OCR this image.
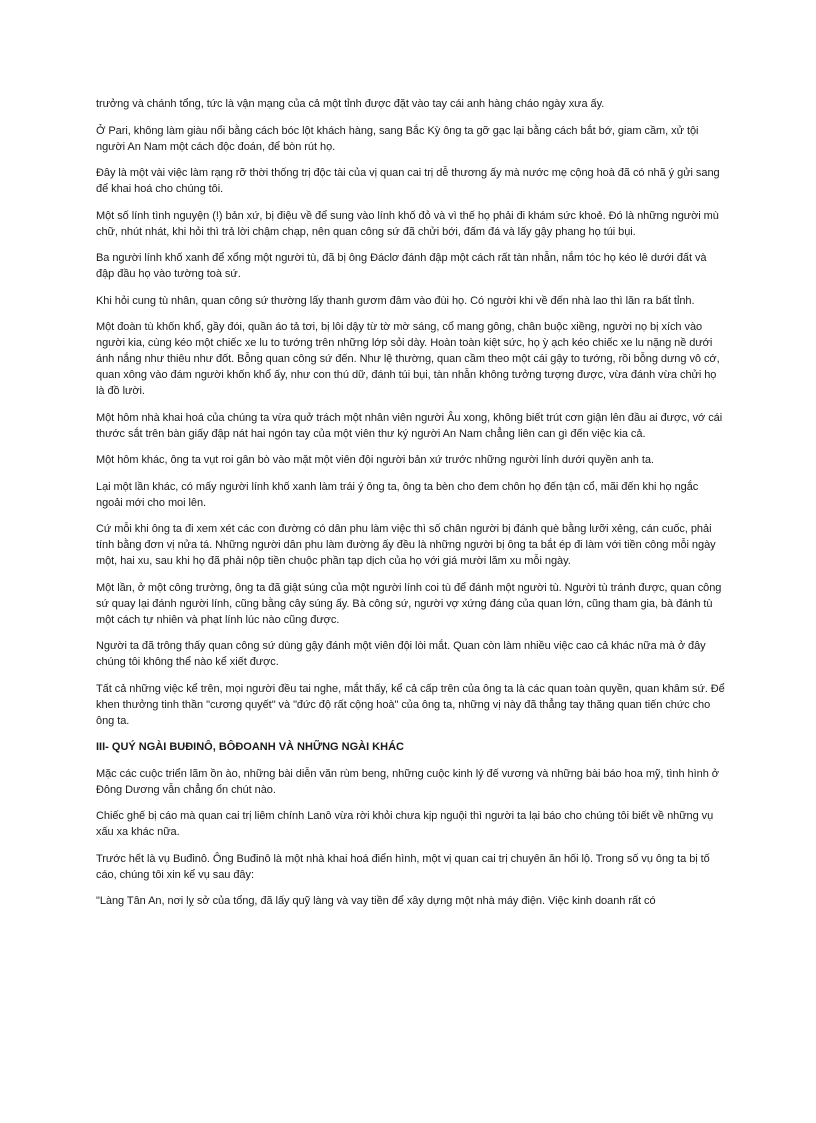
trưởng và chánh tổng, tức là vận mạng của cả một tỉnh được đặt vào tay cái anh hàng cháo ngày xưa ấy.

Ở Pari, không làm giàu nổi bằng cách bóc lột khách hàng, sang Bắc Kỳ ông ta gỡ gạc lại bằng cách bắt bớ, giam cầm, xử tội người An Nam một cách độc đoán, để bòn rút họ.

Đây là một vài việc làm rạng rỡ thời thống trị độc tài của vị quan cai trị dễ thương ấy mà nước mẹ cộng hoà đã có nhã ý gửi sang để khai hoá cho chúng tôi.

Một số lính tình nguyện (!) bản xứ, bị điệu về để sung vào lính khố đỏ và vì thế họ phải đi khám sức khoẻ. Đó là những người mù chữ, nhút nhát, khi hỏi thì trả lời chậm chạp, nên quan công sứ đã chửi bới, đấm đá và lấy gậy phang họ túi bụi.

Ba người lính khố xanh để xổng một người tù, đã bị ông Đáclơ đánh đập một cách rất tàn nhẫn, nắm tóc họ kéo lê dưới đất và đập đầu họ vào tường toà sứ.

Khi hỏi cung tù nhân, quan công sứ thường lấy thanh gươm đâm vào đùi họ. Có người khi về đến nhà lao thì lăn ra bất tỉnh.

Một đoàn tù khốn khổ, gầy đói, quần áo tả tơi, bị lôi dậy từ tờ mờ sáng, cổ mang gông, chân buộc xiềng, người nọ bị xích vào người kia, cùng kéo một chiếc xe lu to tướng trên những lớp sỏi dày. Hoàn toàn kiệt sức, họ ỳ ạch kéo chiếc xe lu nặng nề dưới ánh nắng như thiêu như đốt. Bỗng quan công sứ đến. Như lệ thường, quan cầm theo một cái gậy to tướng, rồi bỗng dưng vô cớ, quan xông vào đám người khốn khổ ấy, như con thú dữ, đánh túi bụi, tàn nhẫn không tưởng tượng được, vừa đánh vừa chửi họ là đồ lười.

Một hôm nhà khai hoá của chúng ta vừa quở trách một nhân viên người Âu xong, không biết trút cơn giận lên đầu ai được, vớ cái thước sắt trên bàn giấy đập nát hai ngón tay của một viên thư ký người An Nam chẳng liên can gì đến việc kia cả.

Một hôm khác, ông ta vụt roi gân bò vào mặt một viên đội người bản xứ trước những người lính dưới quyền anh ta.

Lại một lần khác, có mấy người lính khố xanh làm trái ý ông ta, ông ta bèn cho đem chôn họ đến tận cổ, mãi đến khi họ ngắc ngoải mới cho moi lên.

Cứ mỗi khi ông ta đi xem xét các con đường có dân phu làm việc thì số chân người bị đánh què bằng lưỡi xẻng, cán cuốc, phải tính bằng đơn vị nửa tá. Những người dân phu làm đường ấy đều là những người bị ông ta bắt ép đi làm với tiền công mỗi ngày một, hai xu, sau khi họ đã phải nộp tiền chuộc phần tạp dịch của họ với giá mười lăm xu mỗi ngày.

Một lần, ở một công trường, ông ta đã giật súng của một người lính coi tù để đánh một người tù. Người tù tránh được, quan công sứ quay lại đánh người lính, cũng bằng cây súng ấy. Bà công sứ, người vợ xứng đáng của quan lớn, cũng tham gia, bà đánh tù một cách tự nhiên và phạt lính lúc nào cũng được.

Người ta đã trông thấy quan công sứ dùng gậy đánh một viên đội lòi mắt. Quan còn làm nhiều việc cao cả khác nữa mà ở đây chúng tôi không thể nào kể xiết được.

Tất cả những việc kể trên, mọi người đều tai nghe, mắt thấy, kể cả cấp trên của ông ta là các quan toàn quyền, quan khâm sứ. Để khen thưởng tinh thần "cương quyết" và "đức độ rất cộng hoà" của ông ta, những vị này đã thẳng tay thăng quan tiến chức cho ông ta.

III- QUÝ NGÀI BUĐINÔ, BÔĐOANH VÀ NHỮNG NGÀI KHÁC

Mặc các cuộc triển lãm ồn ào, những bài diễn văn rùm beng, những cuộc kinh lý đế vương và những bài báo hoa mỹ, tình hình ở Đông Dương vẫn chẳng ổn chút nào.

Chiếc ghế bị cáo mà quan cai trị liêm chính Lanô vừa rời khỏi chưa kịp nguội thì người ta lại báo cho chúng tôi biết về những vụ xấu xa khác nữa.

Trước hết là vụ Buđinô. Ông Buđinô là một nhà khai hoá điển hình, một vị quan cai trị chuyên ăn hối lộ. Trong số vụ ông ta bị tố cáo, chúng tôi xin kể vụ sau đây:

"Làng Tân An, nơi lỵ sở của tổng, đã lấy quỹ làng và vay tiền để xây dựng một nhà máy điện. Việc kinh doanh rất có
